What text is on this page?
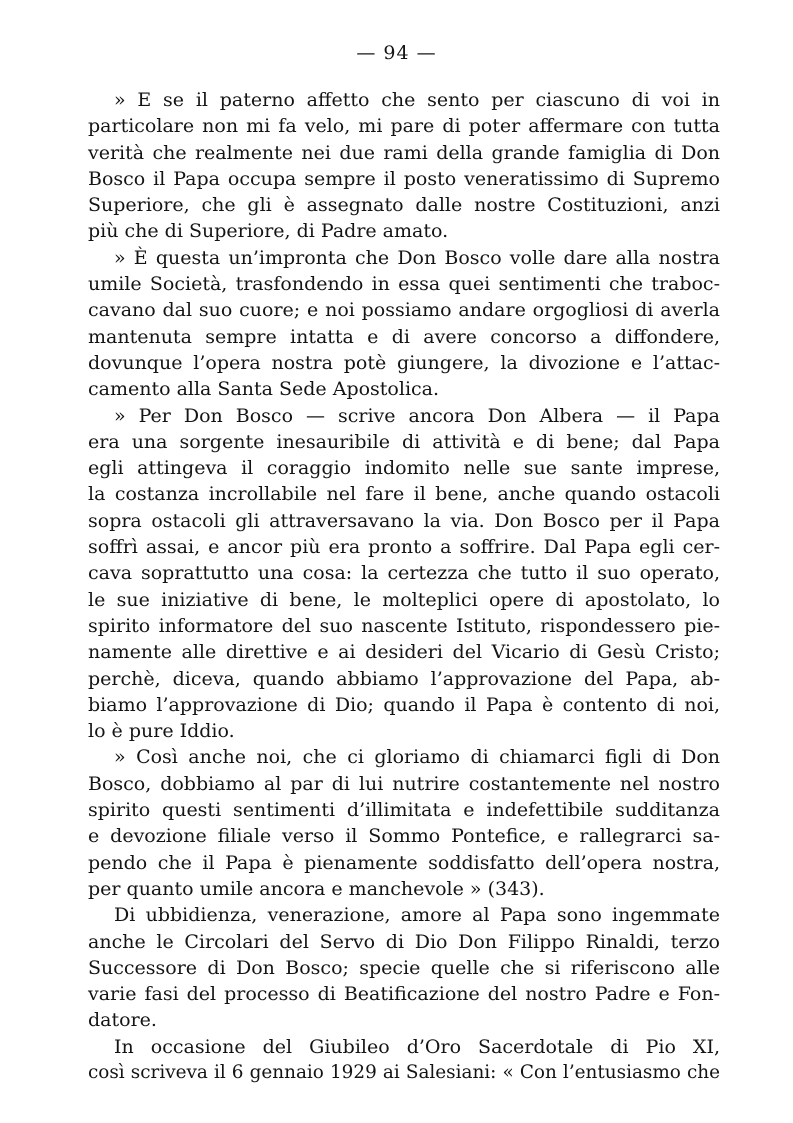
— 94 —
» E se il paterno affetto che sento per ciascuno di voi in
particolare non mi fa velo, mi pare di poter affermare con tutta
verità che realmente nei due rami della grande famiglia di Don
Bosco il Papa occupa sempre il posto veneratissimo di Supremo
Superiore, che gli è assegnato dalle nostre Costituzioni, anzi
più che di Superiore, di Padre amato.
» È questa un’impronta che Don Bosco volle dare alla nostra
umile Società, trasfondendo in essa quei sentimenti che traboc-
cavano dal suo cuore; e noi possiamo andare orgogliosi di averla
mantenuta sempre intatta e di avere concorso a diffondere,
dovunque l’opera nostra potè giungere, la divozione e l’attac-
camento alla Santa Sede Apostolica.
» Per Don Bosco — scrive ancora Don Albera — il Papa
era una sorgente inesauribile di attività e di bene; dal Papa
egli attingeva il coraggio indomito nelle sue sante imprese,
la costanza incrollabile nel fare il bene, anche quando ostacoli
sopra ostacoli gli attraversavano la via. Don Bosco per il Papa
soffrì assai, e ancor più era pronto a soffrire. Dal Papa egli cer-
cava soprattutto una cosa: la certezza che tutto il suo operato,
le sue iniziative di bene, le molteplici opere di apostolato, lo
spirito informatore del suo nascente Istituto, rispondessero pie-
namente alle direttive e ai desideri del Vicario di Gesù Cristo;
perchè, diceva, quando abbiamo l’approvazione del Papa, ab-
biamo l’approvazione di Dio; quando il Papa è contento di noi,
lo è pure Iddio.
» Così anche noi, che ci gloriamo di chiamarci figli di Don
Bosco, dobbiamo al par di lui nutrire costantemente nel nostro
spirito questi sentimenti d’illimitata e indefettibile sudditanza
e devozione filiale verso il Sommo Pontefice, e rallegrarci sa-
pendo che il Papa è pienamente soddisfatto dell’opera nostra,
per quanto umile ancora e manchevole » (343).
Di ubbidienza, venerazione, amore al Papa sono ingemmate
anche le Circolari del Servo di Dio Don Filippo Rinaldi, terzo
Successore di Don Bosco; specie quelle che si riferiscono alle
varie fasi del processo di Beatificazione del nostro Padre e Fon-
datore.
In occasione del Giubileo d’Oro Sacerdotale di Pio XI,
così scriveva il 6 gennaio 1929 ai Salesiani: « Con l’entusiasmo che
